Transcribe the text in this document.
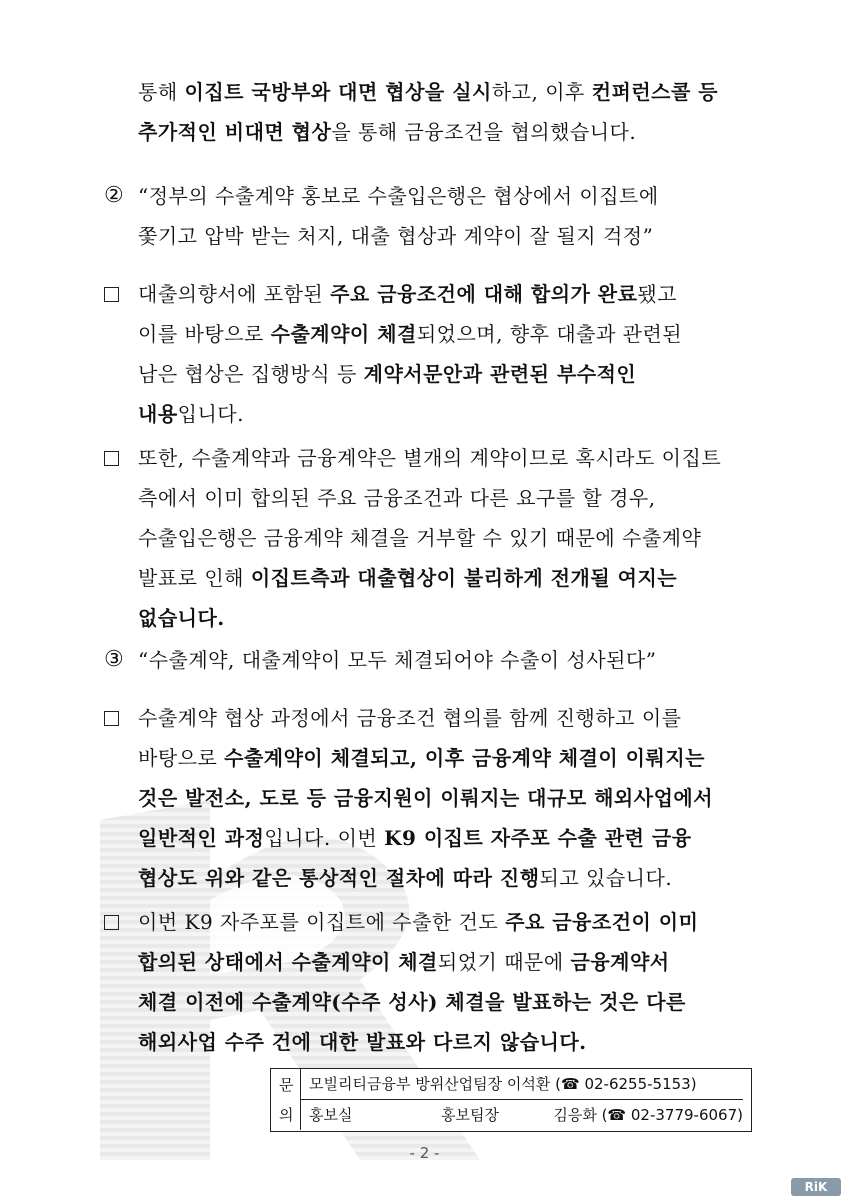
통해 이집트 국방부와 대면 협상을 실시하고, 이후 컨퍼런스콜 등
추가적인 비대면 협상을 통해 금융조건을 협의했습니다.
② “정부의 수출계약 홍보로 수출입은행은 협상에서 이집트에
쫓기고 압박 받는 처지, 대출 협상과 계약이 잘 될지 걱정”
대출의향서에 포함된 주요 금융조건에 대해 합의가 완료됐고
이를 바탕으로 수출계약이 체결되었으며, 향후 대출과 관련된
남은 협상은 집행방식 등 계약서문안과 관련된 부수적인
내용입니다.
또한, 수출계약과 금융계약은 별개의 계약이므로 혹시라도 이집트
측에서 이미 합의된 주요 금융조건과 다른 요구를 할 경우,
수출입은행은 금융계약 체결을 거부할 수 있기 때문에 수출계약
발표로 인해 이집트측과 대출협상이 불리하게 전개될 여지는
없습니다.
③ “수출계약, 대출계약이 모두 체결되어야 수출이 성사된다”
수출계약 협상 과정에서 금융조건 협의를 함께 진행하고 이를
바탕으로 수출계약이 체결되고, 이후 금융계약 체결이 이뤄지는
것은 발전소, 도로 등 금융지원이 이뤄지는 대규모 해외사업에서
일반적인 과정입니다. 이번 K9 이집트 자주포 수출 관련 금융
협상도 위와 같은 통상적인 절차에 따라 진행되고 있습니다.
이번 K9 자주포를 이집트에 수출한 건도 주요 금융조건이 이미
합의된 상태에서 수출계약이 체결되었기 때문에 금융계약서
체결 이전에 수출계약(수주 성사) 체결을 발표하는 것은 다른
해외사업 수주 건에 대한 발표와 다르지 않습니다.
문
의
모빌리티금융부 방위산업팀장 이석환 (☎ 02-6255-5153)
홍보실	홍보팀장	김응화 (☎ 02-3779-6067)
- 2 -
RiK
